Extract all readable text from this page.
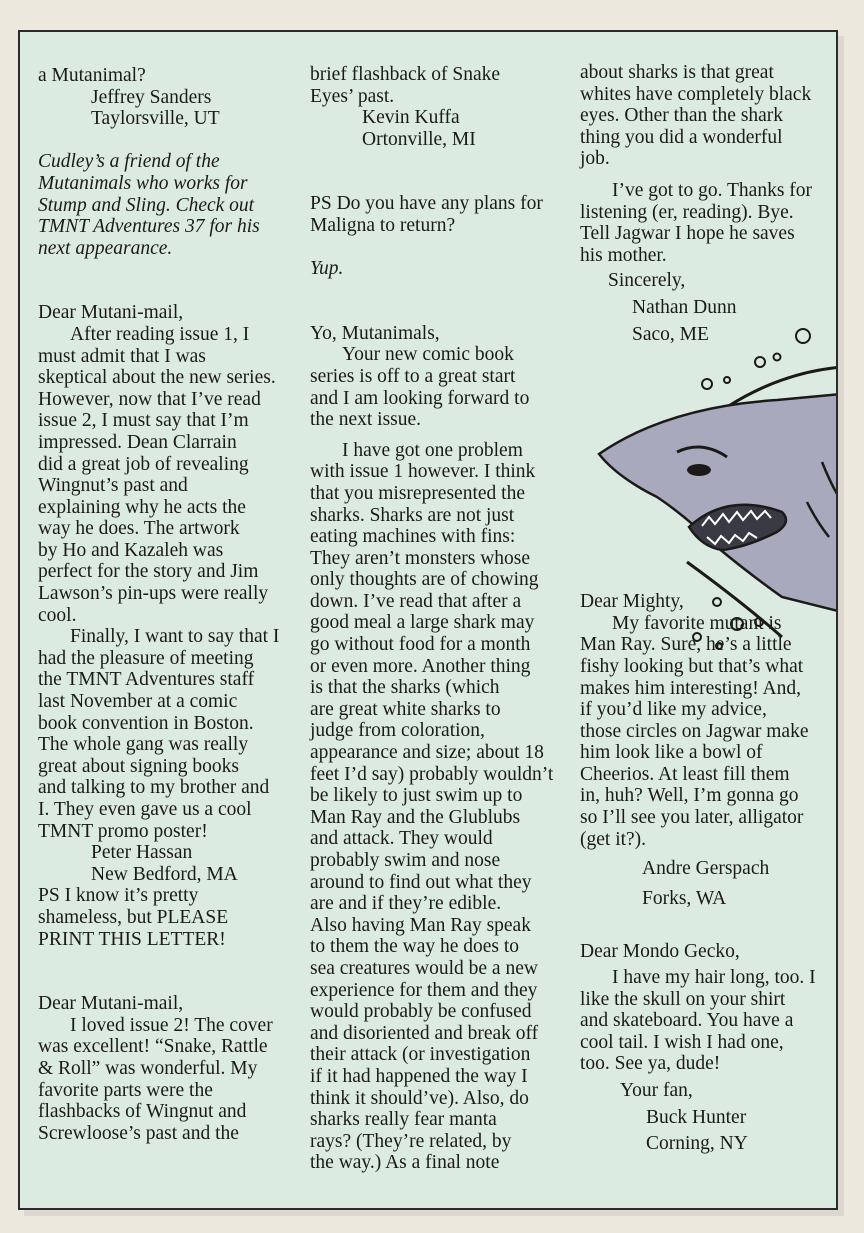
a Mutanimal?

Jeffrey Sanders

Taylorsville, UT

Cudley’s a friend of the

Mutanimals who works for

Stump and Sling. Check out

TMNT Adventures 37 for his

next appearance.

Dear Mutani-mail,

After reading issue 1, I

must admit that I was

skeptical about the new series.

However, now that I’ve read

issue 2, I must say that I’m

impressed. Dean Clarrain

did a great job of revealing

Wingnut’s past and

explaining why he acts the

way he does. The artwork

by Ho and Kazaleh was

perfect for the story and Jim

Lawson’s pin-ups were really

cool.

Finally, I want to say that I

had the pleasure of meeting

the TMNT Adventures staff

last November at a comic

book convention in Boston.

The whole gang was really

great about signing books

and talking to my brother and

I. They even gave us a cool

TMNT promo poster!

Peter Hassan

New Bedford, MA

PS I know it’s pretty

shameless, but PLEASE

PRINT THIS LETTER!

Dear Mutani-mail,

I loved issue 2! The cover

was excellent! “Snake, Rattle

& Roll” was wonderful. My

favorite parts were the

flashbacks of Wingnut and

Screwloose’s past and the

brief flashback of Snake

Eyes’ past.

Kevin Kuffa

Ortonville, MI

PS Do you have any plans for

Maligna to return?

Yup.

Yo, Mutanimals,

Your new comic book

series is off to a great start

and I am looking forward to

the next issue.

I have got one problem

with issue 1 however. I think

that you misrepresented the

sharks. Sharks are not just

eating machines with fins:

They aren’t monsters whose

only thoughts are of chowing

down. I’ve read that after a

good meal a large shark may

go without food for a month

or even more. Another thing

is that the sharks (which

are great white sharks to

judge from coloration,

appearance and size; about 18

feet I’d say) probably wouldn’t

be likely to just swim up to

Man Ray and the Glublubs

and attack. They would

probably swim and nose

around to find out what they

are and if they’re edible.

Also having Man Ray speak

to them the way he does to

sea creatures would be a new

experience for them and they

would probably be confused

and disoriented and break off

their attack (or investigation

if it had happened the way I

think it should’ve). Also, do

sharks really fear manta

rays? (They’re related, by

the way.) As a final note

about sharks is that great

whites have completely black

eyes. Other than the shark

thing you did a wonderful

job.

I’ve got to go. Thanks for

listening (er, reading). Bye.

Tell Jagwar I hope he saves

his mother.

Sincerely,

Nathan Dunn

Saco, ME

Dear Mighty,

My favorite mutant is

Man Ray. Sure, he’s a little

fishy looking but that’s what

makes him interesting! And,

if you’d like my advice,

those circles on Jagwar make

him look like a bowl of

Cheerios. At least fill them

in, huh? Well, I’m gonna go

so I’ll see you later, alligator

(get it?).

Andre Gerspach

Forks, WA

Dear Mondo Gecko,

I have my hair long, too. I

like the skull on your shirt

and skateboard. You have a

cool tail. I wish I had one,

too. See ya, dude!

Your fan,

Buck Hunter

Corning, NY
